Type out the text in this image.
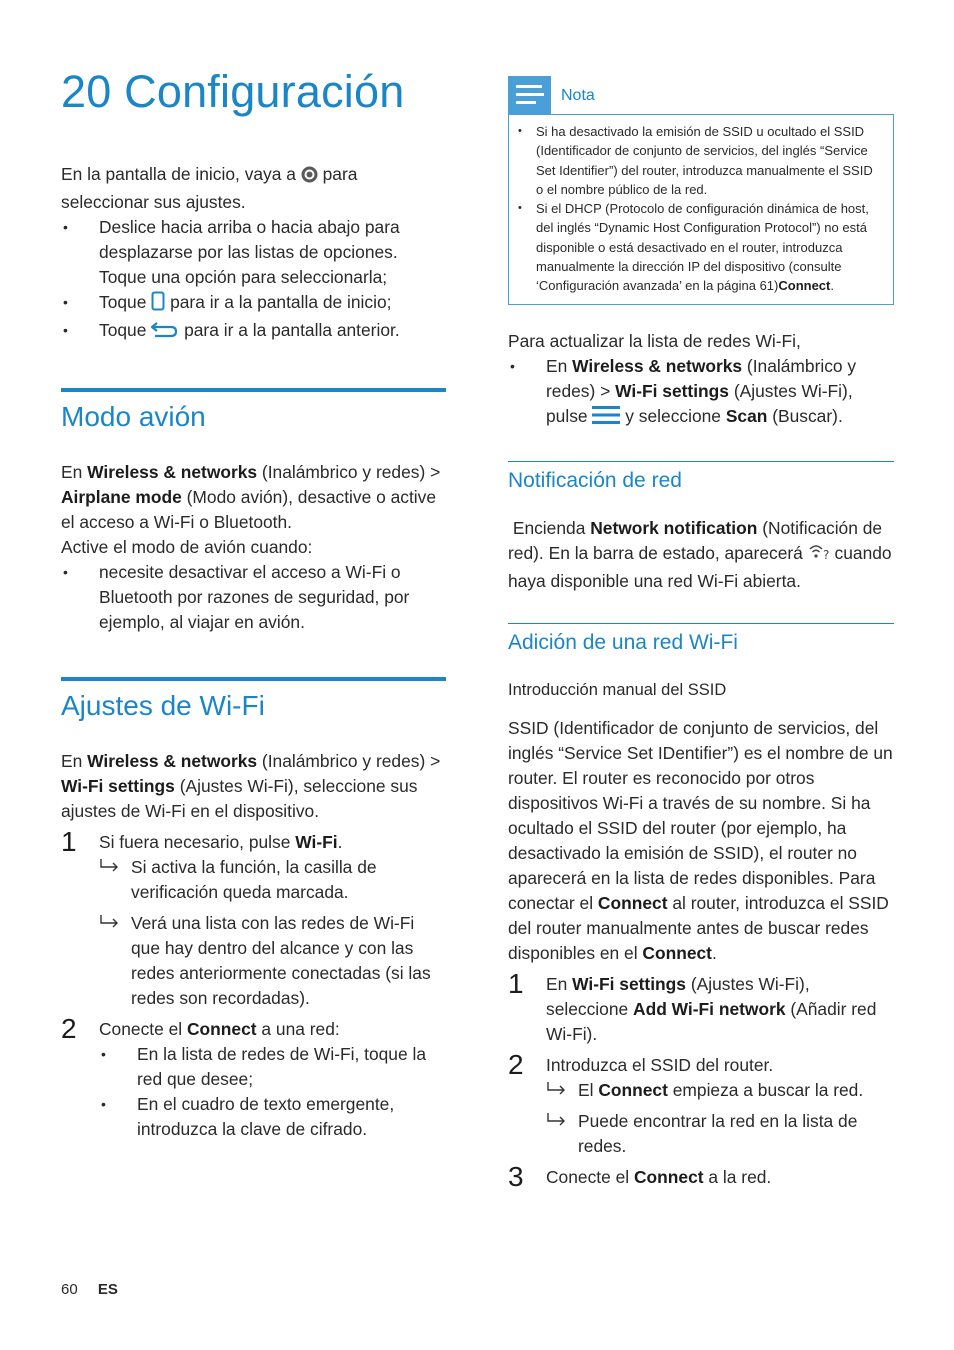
20 Configuración

En la pantalla de inicio, vaya a para seleccionar sus ajustes.

• Deslice hacia arriba o hacia abajo para desplazarse por las listas de opciones. Toque una opción para seleccionarla;
• Toque para ir a la pantalla de inicio;
• Toque para ir a la pantalla anterior.
Modo avión

En Wireless & networks (Inalámbrico y redes) > Airplane mode (Modo avión), desactive o active el acceso a Wi-Fi o Bluetooth.

Active el modo de avión cuando:

• necesite desactivar el acceso a Wi-Fi o Bluetooth por razones de seguridad, por ejemplo, al viajar en avión.
Ajustes de Wi-Fi

En Wireless & networks (Inalámbrico y redes) > Wi-Fi settings (Ajustes Wi-Fi), seleccione sus ajustes de Wi-Fi en el dispositivo.

1 Si fuera necesario, pulse Wi-Fi.
Si activa la función, la casilla de verificación queda marcada.
Verá una lista con las redes de Wi-Fi que hay dentro del alcance y con las redes anteriormente conectadas (si las redes son recordadas).
2 Conecte el Connect a una red:
• En la lista de redes de Wi-Fi, toque la red que desee;
• En el cuadro de texto emergente, introduzca la clave de cifrado.
Nota
• Si ha desactivado la emisión de SSID u ocultado el SSID (Identificador de conjunto de servicios, del inglés “Service Set Identifier”) del router, introduzca manualmente el SSID o el nombre público de la red.
• Si el DHCP (Protocolo de configuración dinámica de host, del inglés “Dynamic Host Configuration Protocol”) no está disponible o está desactivado en el router, introduzca manualmente la dirección IP del dispositivo (consulte ‘Configuración avanzada’ en la página 61)Connect.

Para actualizar la lista de redes Wi-Fi,

• En Wireless & networks (Inalámbrico y redes) > Wi-Fi settings (Ajustes Wi-Fi), pulse y seleccione Scan (Buscar).
Notificación de red

Encienda Network notification (Notificación de red). En la barra de estado, aparecerá ? cuando haya disponible una red Wi-Fi abierta.

Adición de una red Wi-Fi

Introducción manual del SSID

SSID (Identificador de conjunto de servicios, del inglés “Service Set IDentifier”) es el nombre de un router. El router es reconocido por otros dispositivos Wi-Fi a través de su nombre. Si ha ocultado el SSID del router (por ejemplo, ha desactivado la emisión de SSID), el router no aparecerá en la lista de redes disponibles. Para conectar el Connect al router, introduzca el SSID del router manualmente antes de buscar redes disponibles en el Connect.

1 En Wi-Fi settings (Ajustes Wi-Fi), seleccione Add Wi-Fi network (Añadir red Wi-Fi).
2 Introduzca el SSID del router.
El Connect empieza a buscar la red.
Puede encontrar la red en la lista de redes.
3 Conecte el Connect a la red.
60 ES
